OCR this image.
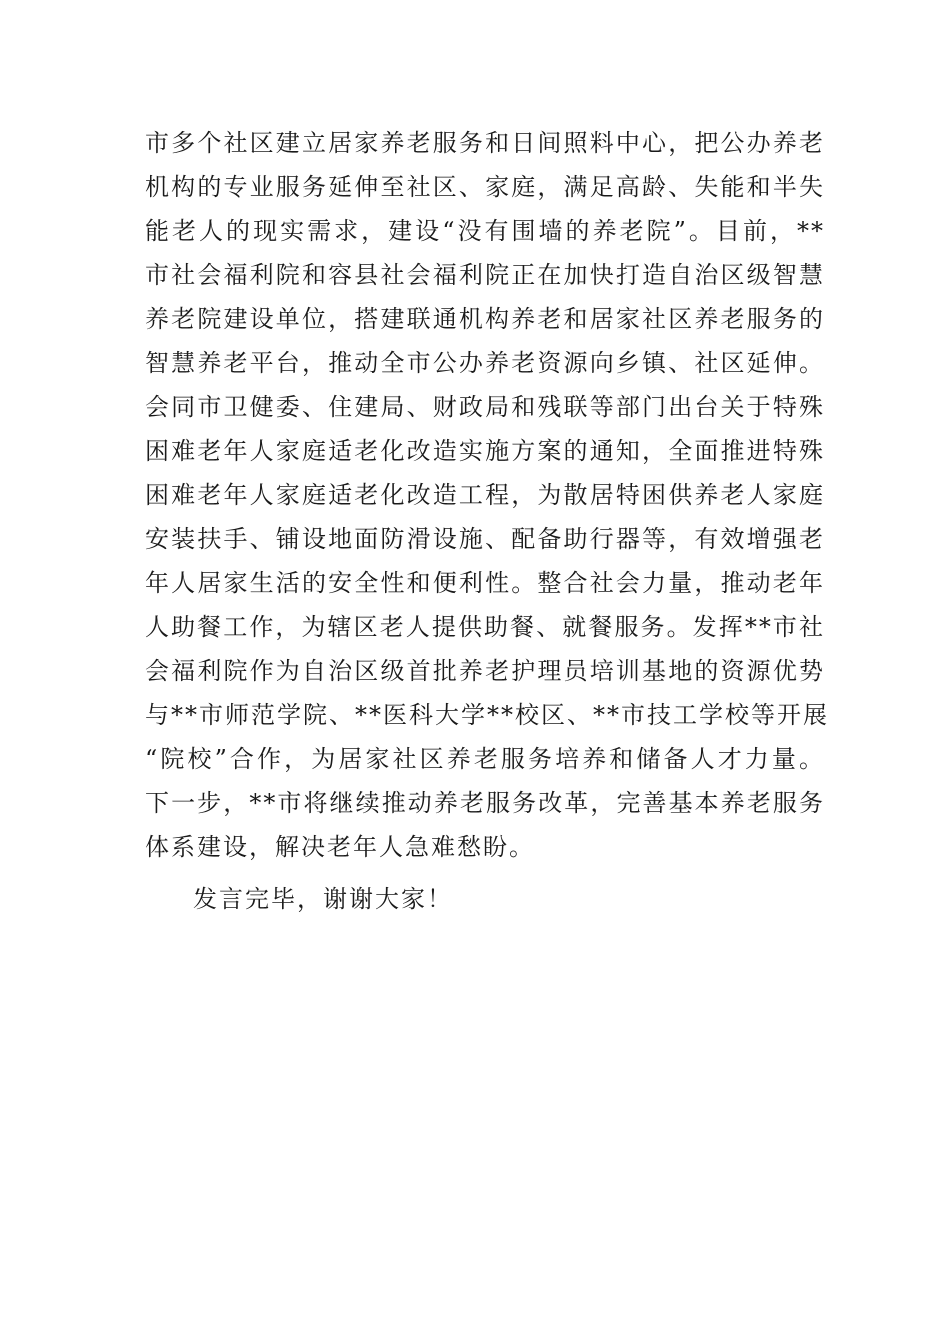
市多个社区建立居家养老服务和日间照料中心，把公办养老
机构的专业服务延伸至社区、家庭，满足高龄、失能和半失
能老人的现实需求，建设“没有围墙的养老院”。目前，**
市社会福利院和容县社会福利院正在加快打造自治区级智慧
养老院建设单位，搭建联通机构养老和居家社区养老服务的
智慧养老平台，推动全市公办养老资源向乡镇、社区延伸。
会同市卫健委、住建局、财政局和残联等部门出台关于特殊
困难老年人家庭适老化改造实施方案的通知，全面推进特殊
困难老年人家庭适老化改造工程，为散居特困供养老人家庭
安装扶手、铺设地面防滑设施、配备助行器等，有效增强老
年人居家生活的安全性和便利性。整合社会力量，推动老年
人助餐工作，为辖区老人提供助餐、就餐服务。发挥**市社
会福利院作为自治区级首批养老护理员培训基地的资源优势
与**市师范学院、**医科大学**校区、**市技工学校等开展
“院校”合作，为居家社区养老服务培养和储备人才力量。
下一步，**市将继续推动养老服务改革，完善基本养老服务
体系建设，解决老年人急难愁盼。
发言完毕，谢谢大家！
